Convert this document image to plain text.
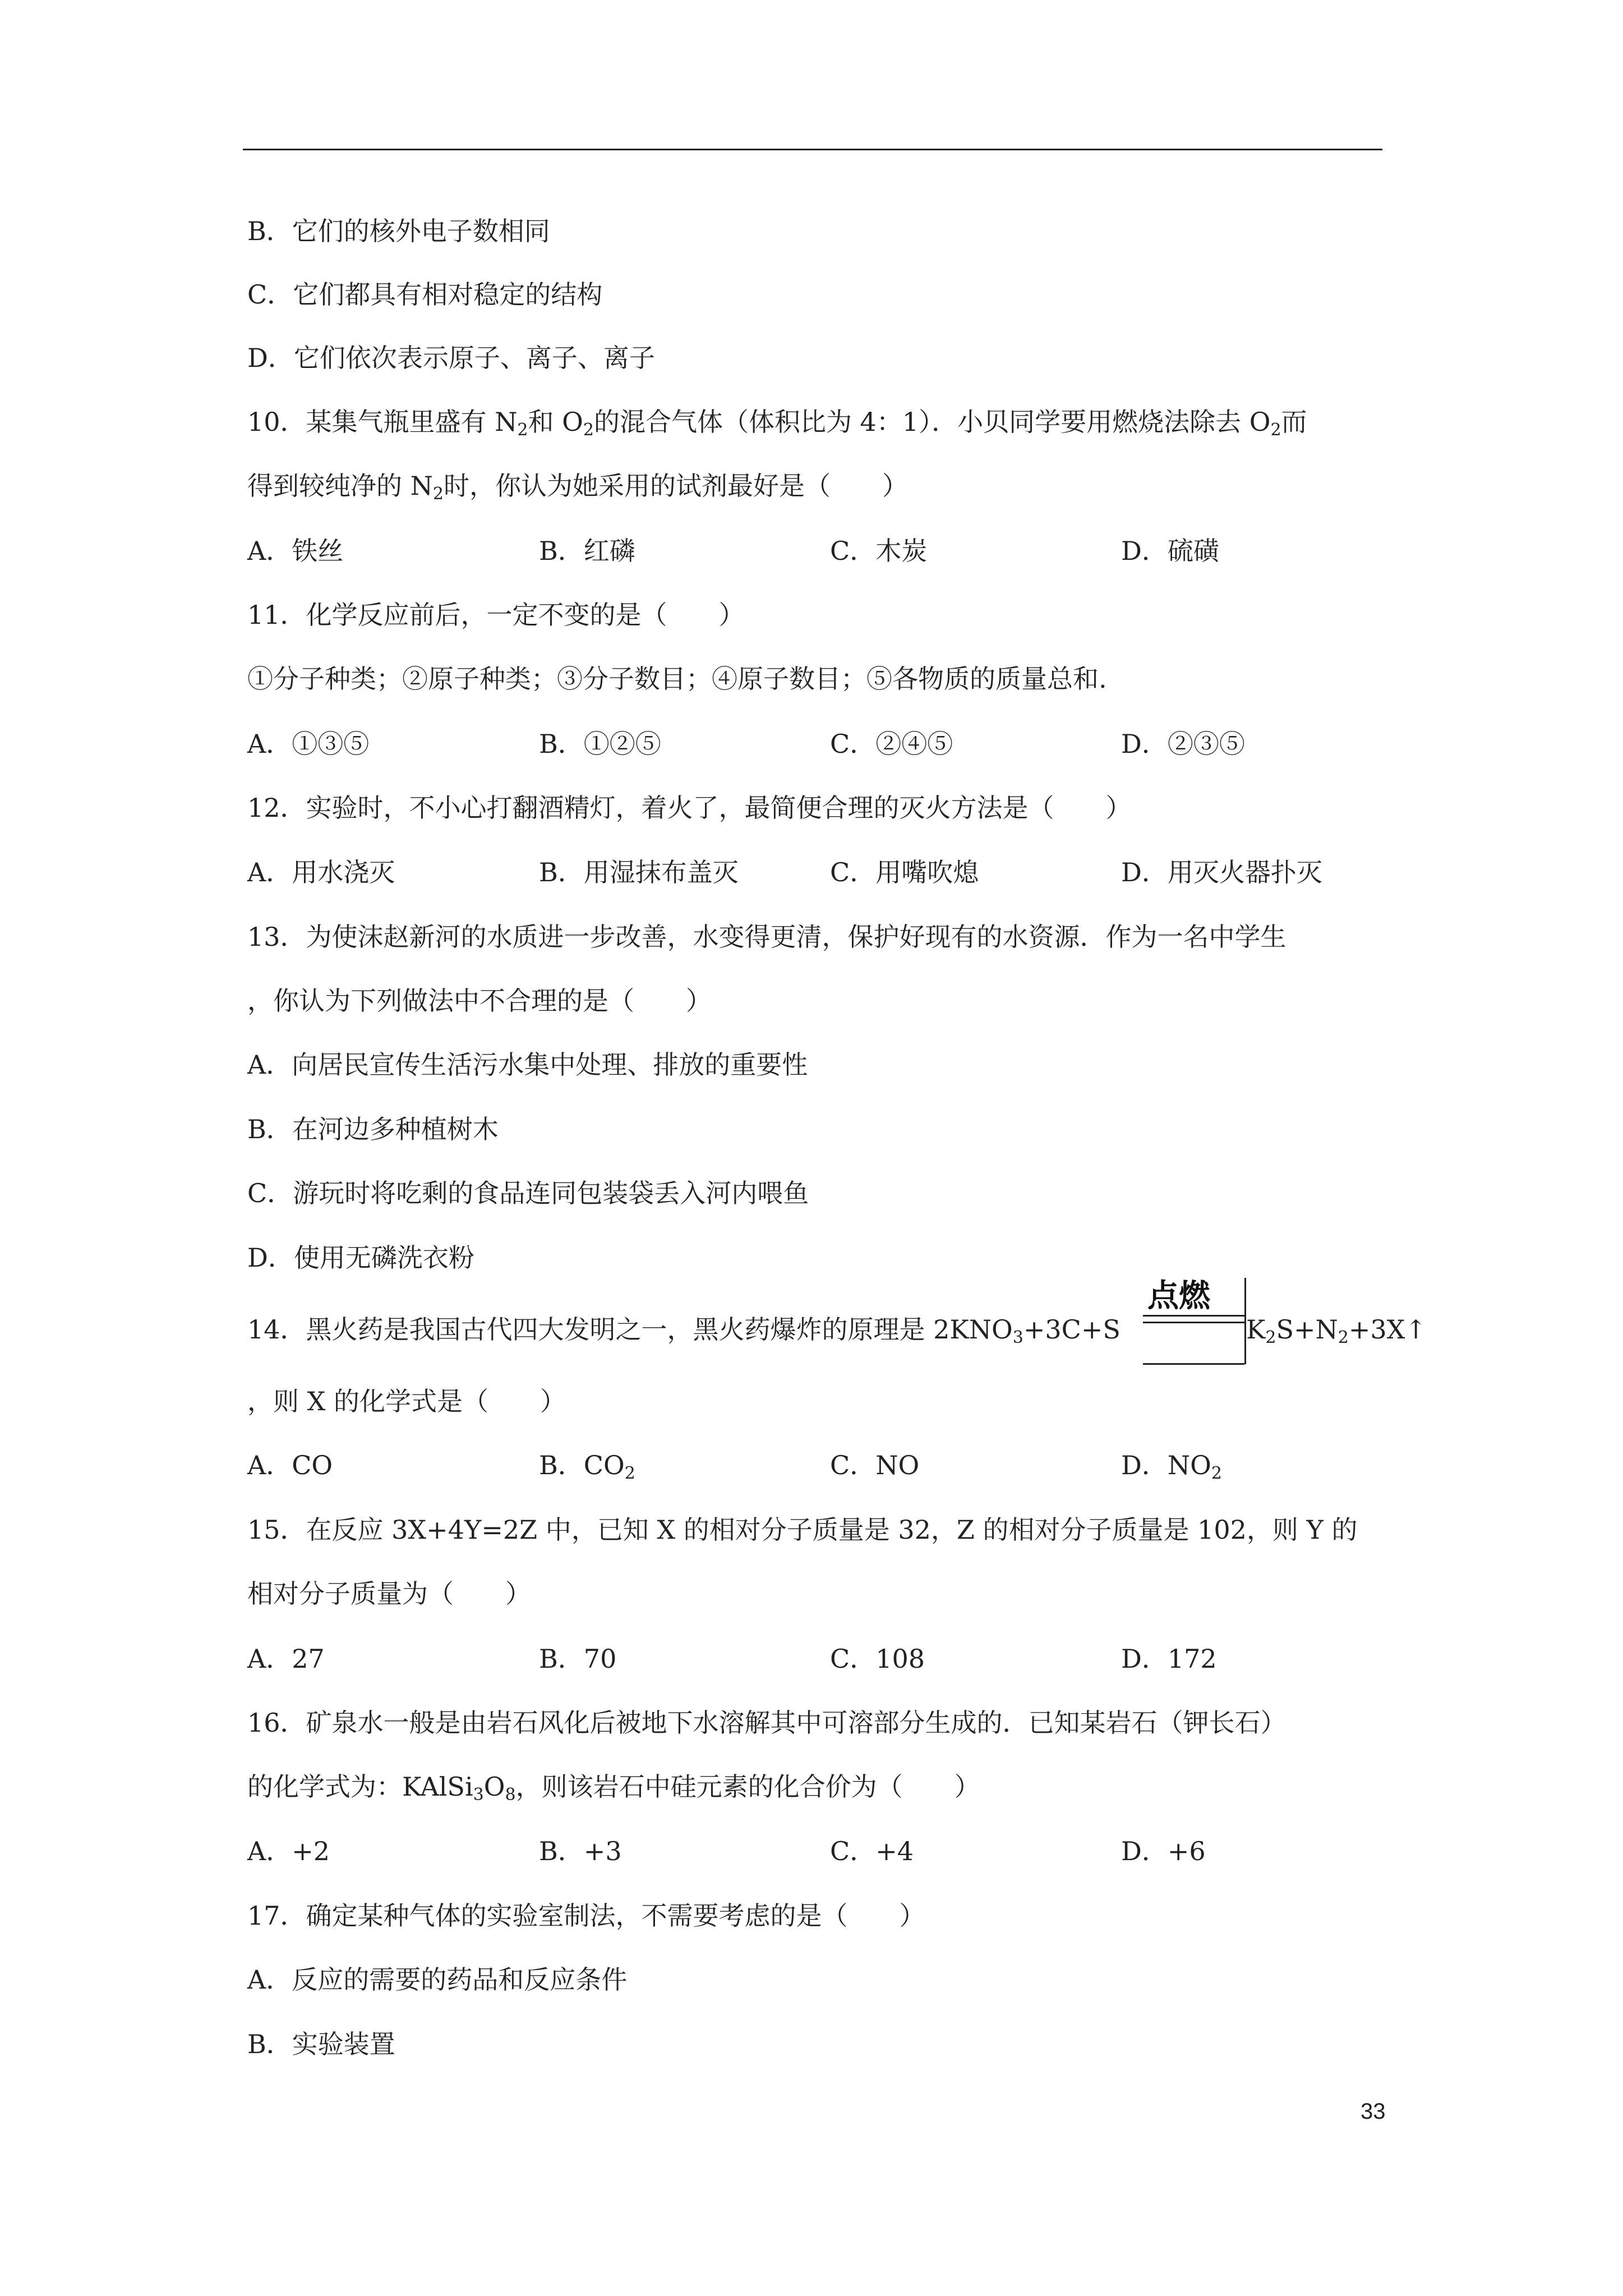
B．它们的核外电子数相同
C．它们都具有相对稳定的结构
D．它们依次表示原子、离子、离子
10．某集气瓶里盛有 $N_2$和 $O_2$的混合气体（体积比为 4：1）．小贝同学要用燃烧法除去 $O_2$而
得到较纯净的 $N_2$时，你认为她采用的试剂最好是（　　）
A．铁丝	B．红磷	C．木炭	D．硫磺
11．化学反应前后，一定不变的是（　　）
①分子种类；②原子种类；③分子数目；④原子数目；⑤各物质的质量总和.
A．①③⑤	B．①②⑤	C．②④⑤	D．②③⑤
12．实验时，不小心打翻酒精灯，着火了，最简便合理的灭火方法是（　　）
A．用水浇灭	B．用湿抹布盖灭	C．用嘴吹熄	D．用灭火器扑灭
13．为使沫赵新河的水质进一步改善，水变得更清，保护好现有的水资源．作为一名中学生
，你认为下列做法中不合理的是（　　）
A．向居民宣传生活污水集中处理、排放的重要性
B．在河边多种植树木
C．游玩时将吃剩的食品连同包装袋丢入河内喂鱼
D．使用无磷洗衣粉
14．黑火药是我国古代四大发明之一，黑火药爆炸的原理是 $2KNO_3+3C+S$
点燃
$K_2S+N_2+3X↑$
，则 X 的化学式是（　　）
A．CO	B．$CO_2$	C．NO	D．$NO_2$
15．在反应 3X+4Y=2Z 中，已知 X 的相对分子质量是 32，Z 的相对分子质量是 102，则 Y 的
相对分子质量为（　　）
A．27	B．70	C．108	D．172
16．矿泉水一般是由岩石风化后被地下水溶解其中可溶部分生成的．已知某岩石（钾长石）
的化学式为：$KAlSi_3O_8$，则该岩石中硅元素的化合价为（　　）
A．+2	B．+3	C．+4	D．+6
17．确定某种气体的实验室制法，不需要考虑的是（　　）
A．反应的需要的药品和反应条件
B．实验装置
33
